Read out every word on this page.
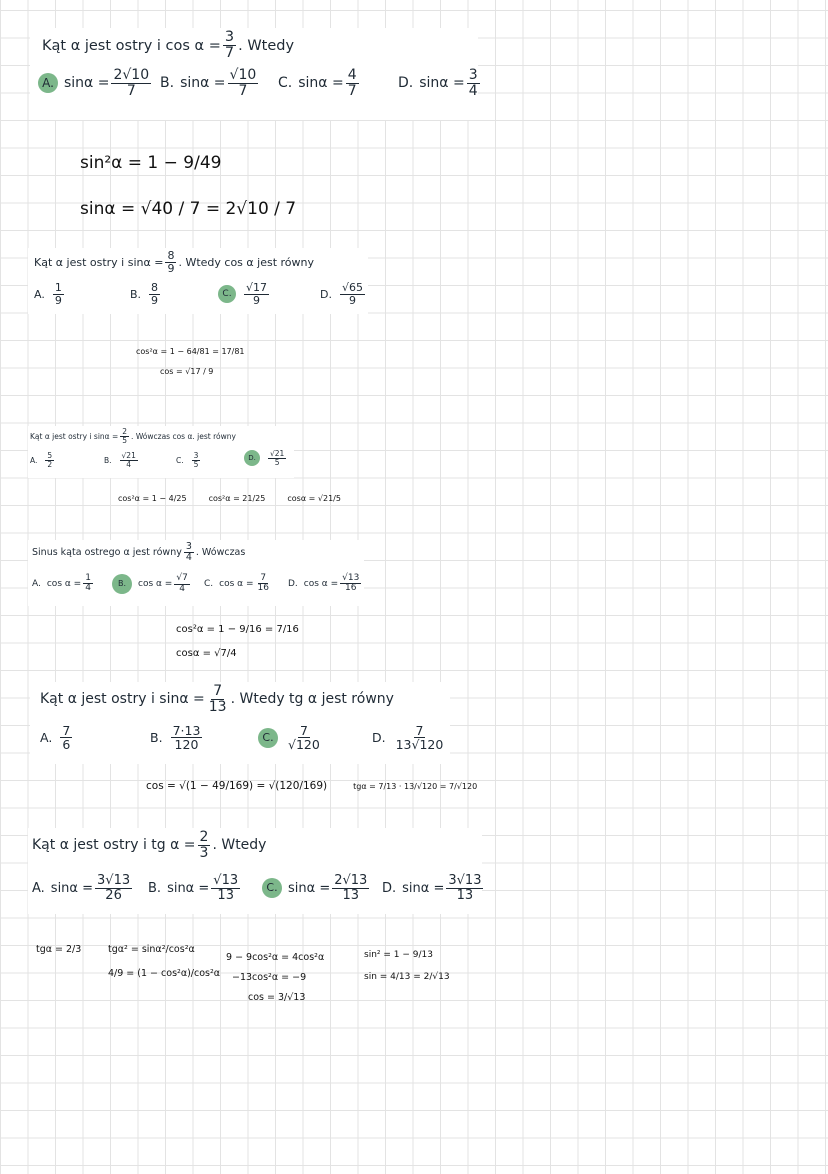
Kąt α jest ostry i $\cos \alpha = \frac{3}{7}$ . Wtedy
A. $\sin\alpha = \frac{2√10}{7} B$. $\sin\alpha = \frac{√10}{7} C$. $\sin\alpha = \frac{4}{7}$	D. $\sin\alpha = \frac{3}{4}$
sin²α = 1 − 9/49
sinα = √40 / 7 = 2√10 / 7
Kąt α jest ostry i $\sin\alpha = \frac{8}{9}$ . Wtedy cos α jest równy
A. $\frac{1}{9}$	B. $\frac{8}{9}$	C.	$\frac{√17}{9}$	D. $\frac{√65}{9}$
cos²α = 1 − 64/81 = 17/81
cos = √17 / 9
Kąt α jest ostry i $\sin\alpha = \frac{2}{5}$ . Wówczas cos α. jest równy
A. $\frac{5}{2}$	B. $\frac{√21}{4}$	C. $\frac{3}{5}$	D.	$\frac{√21}{5}$
cos²α = 1 − 4/25	cos²α = 21/25	cosα = √21/5
Sinus kąta ostrego α jest równy $\frac{3}{4}$ . Wówczas
A. $\cos \alpha = \frac{1}{4}$	B.	$\cos \alpha = \frac{√7}{4} C$. $\cos \alpha = \frac{7}{16} D$. $\cos \alpha = \frac{√13}{16}$
cos²α = 1 − 9/16 = 7/16
cosα = √7/4
Kąt α jest ostry i $\sin\alpha = \frac{7}{13}$ . Wtedy tg α jest równy
A. $\frac{7}{6}$	B. $\frac{7\cdot 13}{120}$	C. $\frac{7}{√120}$	D. $\frac{7}{13√120}$
cos = √(1 − 49/169) = √(120/169)	tgα = 7/13 · 13/√120 = 7/√120
Kąt α jest ostry i tg $\alpha = \frac{2}{3}$ . Wtedy
A. $\sin\alpha = \frac{3√13}{26} B$. $\sin\alpha = \frac{√13}{13}$	C. $\sin\alpha = \frac{2√13}{13} D$. $\sin\alpha = \frac{3√13}{13}$
tgα = 2/3	tgα² = sinα²/cos²α
4/9 = (1 − cos²α)/cos²α
9 − 9cos²α = 4cos²α
−13cos²α = −9
cos = 3/√13
sin² = 1 − 9/13
sin = 4/13 = 2/√13
